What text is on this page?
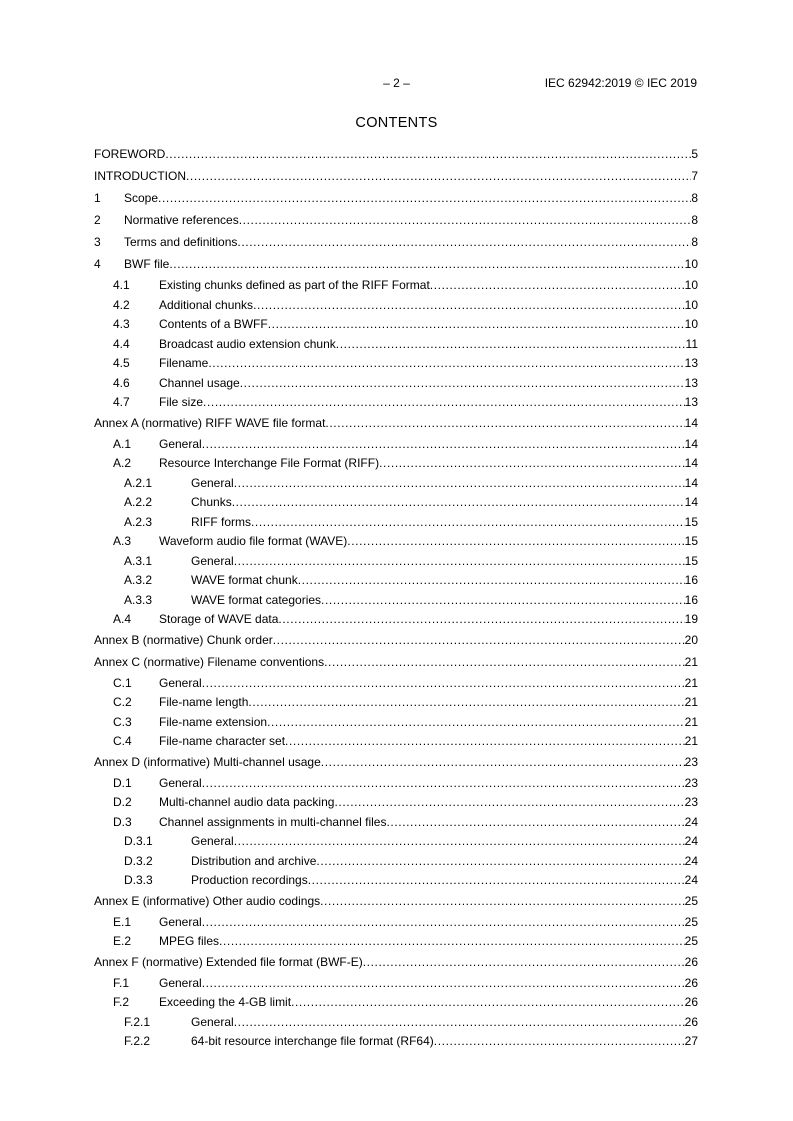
– 2 –	IEC 62942:2019 © IEC 2019
CONTENTS
FOREWORD .....	5
INTRODUCTION .....	7
1	Scope .....	8
2	Normative references .....	8
3	Terms and definitions .....	8
4	BWF file .....	10
4.1	Existing chunks defined as part of the RIFF Format .....	10
4.2	Additional chunks .....	10
4.3	Contents of a BWFF .....	10
4.4	Broadcast audio extension chunk .....	11
4.5	Filename .....	13
4.6	Channel usage .....	13
4.7	File size .....	13
Annex A (normative) RIFF WAVE file format .....	14
A.1	General .....	14
A.2	Resource Interchange File Format (RIFF) .....	14
A.2.1	General .....	14
A.2.2	Chunks .....	14
A.2.3	RIFF forms .....	15
A.3	Waveform audio file format (WAVE) .....	15
A.3.1	General .....	15
A.3.2	WAVE format chunk .....	16
A.3.3	WAVE format categories .....	16
A.4	Storage of WAVE data .....	19
Annex B (normative) Chunk order .....	20
Annex C (normative) Filename conventions .....	21
C.1	General .....	21
C.2	File-name length .....	21
C.3	File-name extension .....	21
C.4	File-name character set .....	21
Annex D (informative) Multi-channel usage .....	23
D.1	General .....	23
D.2	Multi-channel audio data packing .....	23
D.3	Channel assignments in multi-channel files .....	24
D.3.1	General .....	24
D.3.2	Distribution and archive .....	24
D.3.3	Production recordings .....	24
Annex E (informative) Other audio codings .....	25
E.1	General .....	25
E.2	MPEG files .....	25
Annex F (normative) Extended file format (BWF-E) .....	26
F.1	General .....	26
F.2	Exceeding the 4-GB limit .....	26
F.2.1	General .....	26
F.2.2	64-bit resource interchange file format (RF64) .....	27
